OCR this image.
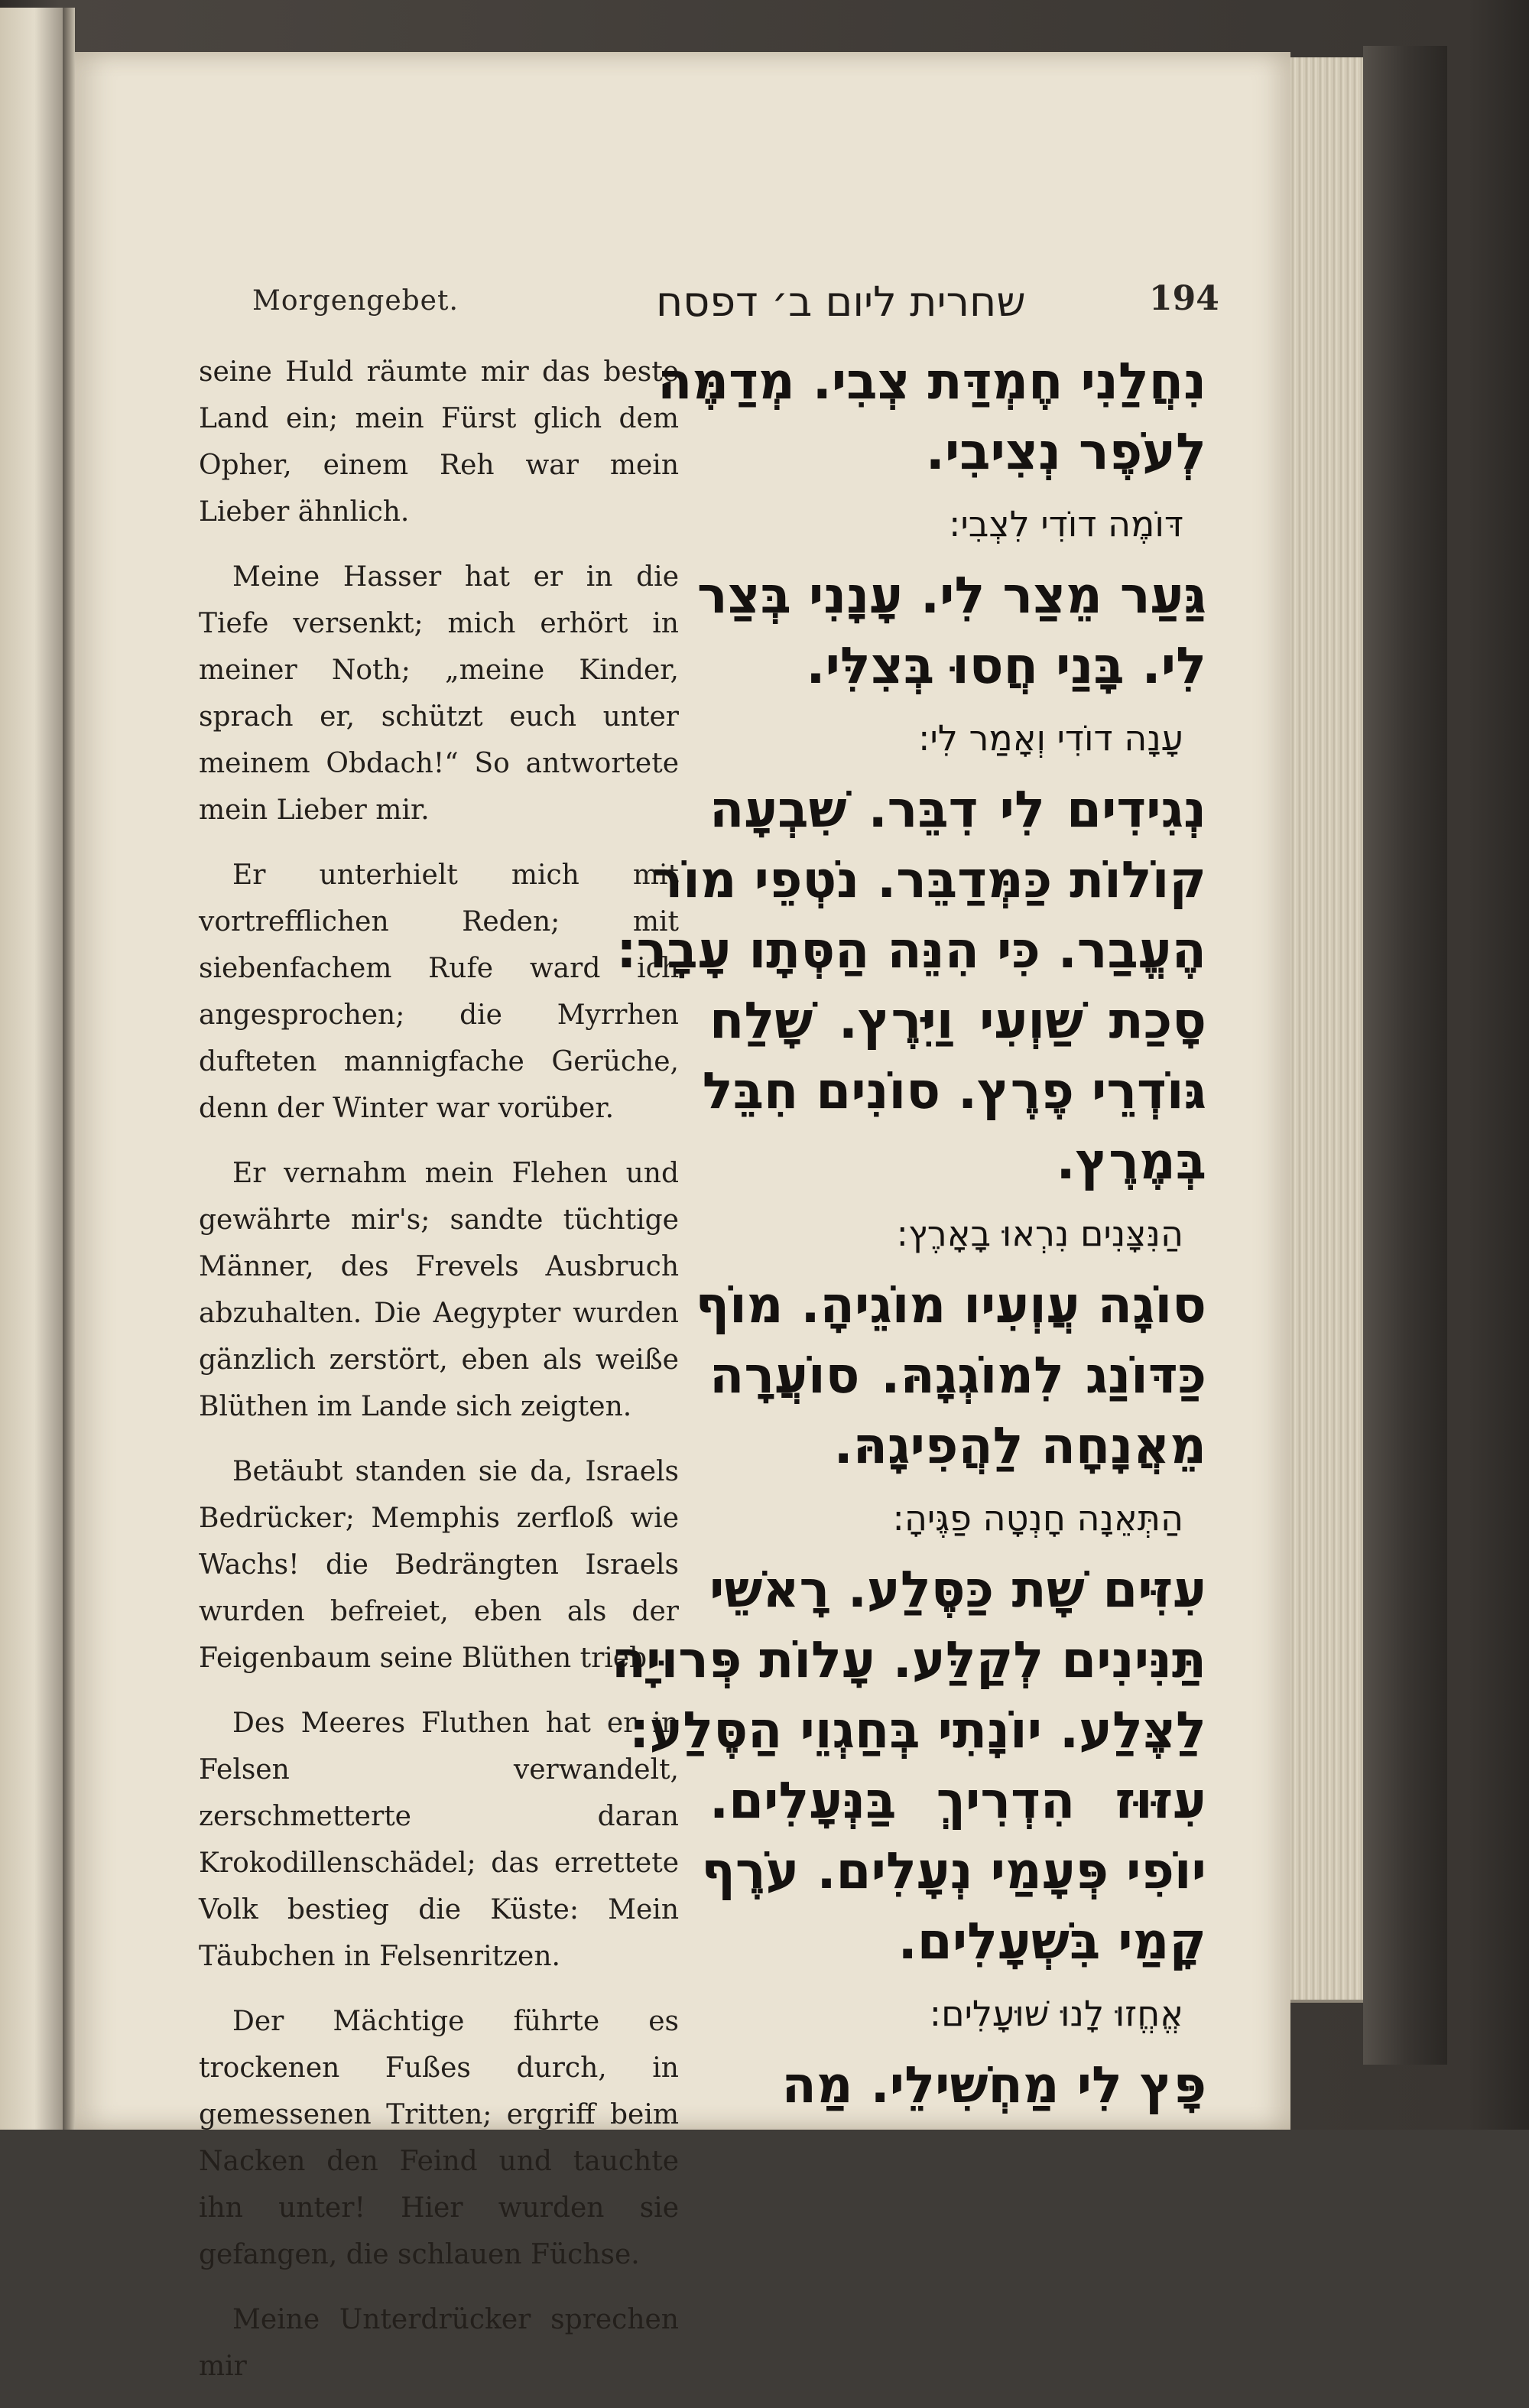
Morgengebet.	שחרית ליום ב׳ דפסח	194

seine Huld räumte mir das beste Land ein; mein Fürst glich dem Opher, einem Reh war mein Lieber ähnlich.

Meine Hasser hat er in die Tiefe versenkt; mich erhört in meiner Noth; „meine Kinder, sprach er, schützt euch unter meinem Obdach!“ So antwortete mein Lieber mir.

Er unterhielt mich mit vortrefflichen Reden; mit siebenfachem Rufe ward ich angesprochen; die Myrrhen dufteten mannigfache Gerüche, denn der Winter war vorüber.

Er vernahm mein Flehen und gewährte mir's; sandte tüchtige Männer, des Frevels Ausbruch abzuhalten. Die Aegypter wurden gänzlich zerstört, eben als weiße Blüthen im Lande sich zeigten.

Betäubt standen sie da, Israels Bedrücker; Memphis zerfloß wie Wachs! die Bedrängten Israels wurden befreiet, eben als der Feigenbaum seine Blüthen trieb.

Des Meeres Fluthen hat er in Felsen verwandelt, zerschmetterte daran Krokodillenschädel; das errettete Volk bestieg die Küste: Mein Täubchen in Felsenritzen.

Der Mächtige führte es trockenen Fußes durch, in gemessenen Tritten; ergriff beim Nacken den Feind und tauchte ihn unter! Hier wurden sie gefangen, die schlauen Füchse.

Meine Unterdrücker sprechen mir

נִחֲלַנִי חֶמְדַּת צְבִי. מְדַמֶּה
לְעֹפֶר נְצִיבִי.
דּוֹמֶה דוֹדִי לִצְבִי:
גַּעַר מֵצַר לִי. עָנָנִי בְּצַר
לִי. בָּנַי חֲסוּ בְּצִלִּי.
עָנָה דוֹדִי וְאָמַר לִי:
נְגִידִים לִי דִבֵּר. שִׁבְעָה
קוֹלוֹת כַּמְּדַבֵּר. נֹטְפֵי מוֹר
הֶעֱבַר. כִּי הִנֵּה הַסְּתָו עָבָר:
סָכַת שַׁוְעִי וַיִּרֶץ. שָׁלַח
גּוֹדְרֵי פֶרֶץ. סוֹנִים חִבֵּל
בְּמֶרֶץ.
הַנִּצָּנִים נִרְאוּ בָאָרֶץ:
סוֹגָה עֲוְעִיו מוֹגֵיהָ. מוֹף
כַּדּוֹנַג לִמוֹגְגָהּ. סוֹעֲרָה
מֵאֲנָחָה לַהֲפִיגָהּ.
הַתְּאֵנָה חָנְטָה פַגֶּיהָ:
עִזִּים שָׁת כַּסֶּלַע. רָאשֵׁי
תַּנִּינִים לְקַלַּע. עָלוֹת פְּרוּיָה
לַצֶּלַע. יוֹנָתִי בְּחַגְוֵי הַסֶּלַע:
עִזּוּז הִדְרִיךְ בַּנְּעָלִים.
יוֹפִי פְּעָמַי נְעָלִים. עֹרֶף
קָמַי בִּשְׁעָלִים.
אֱחֱזוּ לָנוּ שׁוּעָלִים:
פָּץ לִי מַחְשִׁילֵי. מַה
